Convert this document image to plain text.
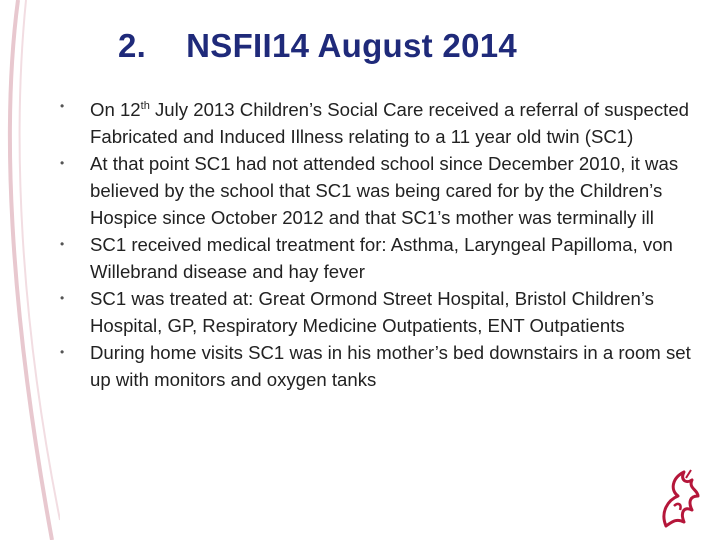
2. NSFII14 August 2014
• On 12th July 2013 Children’s Social Care received a referral of suspected Fabricated and Induced Illness relating to a 11 year old twin (SC1)
• At that point SC1 had not attended school since December 2010, it was believed by the school that SC1 was being cared for by the Children’s Hospice since October 2012 and that SC1’s mother was terminally ill
• SC1 received medical treatment for: Asthma, Laryngeal Papilloma, von Willebrand disease and hay fever
• SC1 was treated at: Great Ormond Street Hospital, Bristol Children’s Hospital, GP, Respiratory Medicine Outpatients, ENT Outpatients
• During home visits SC1 was in his mother’s bed downstairs in a room set up with monitors and oxygen tanks
